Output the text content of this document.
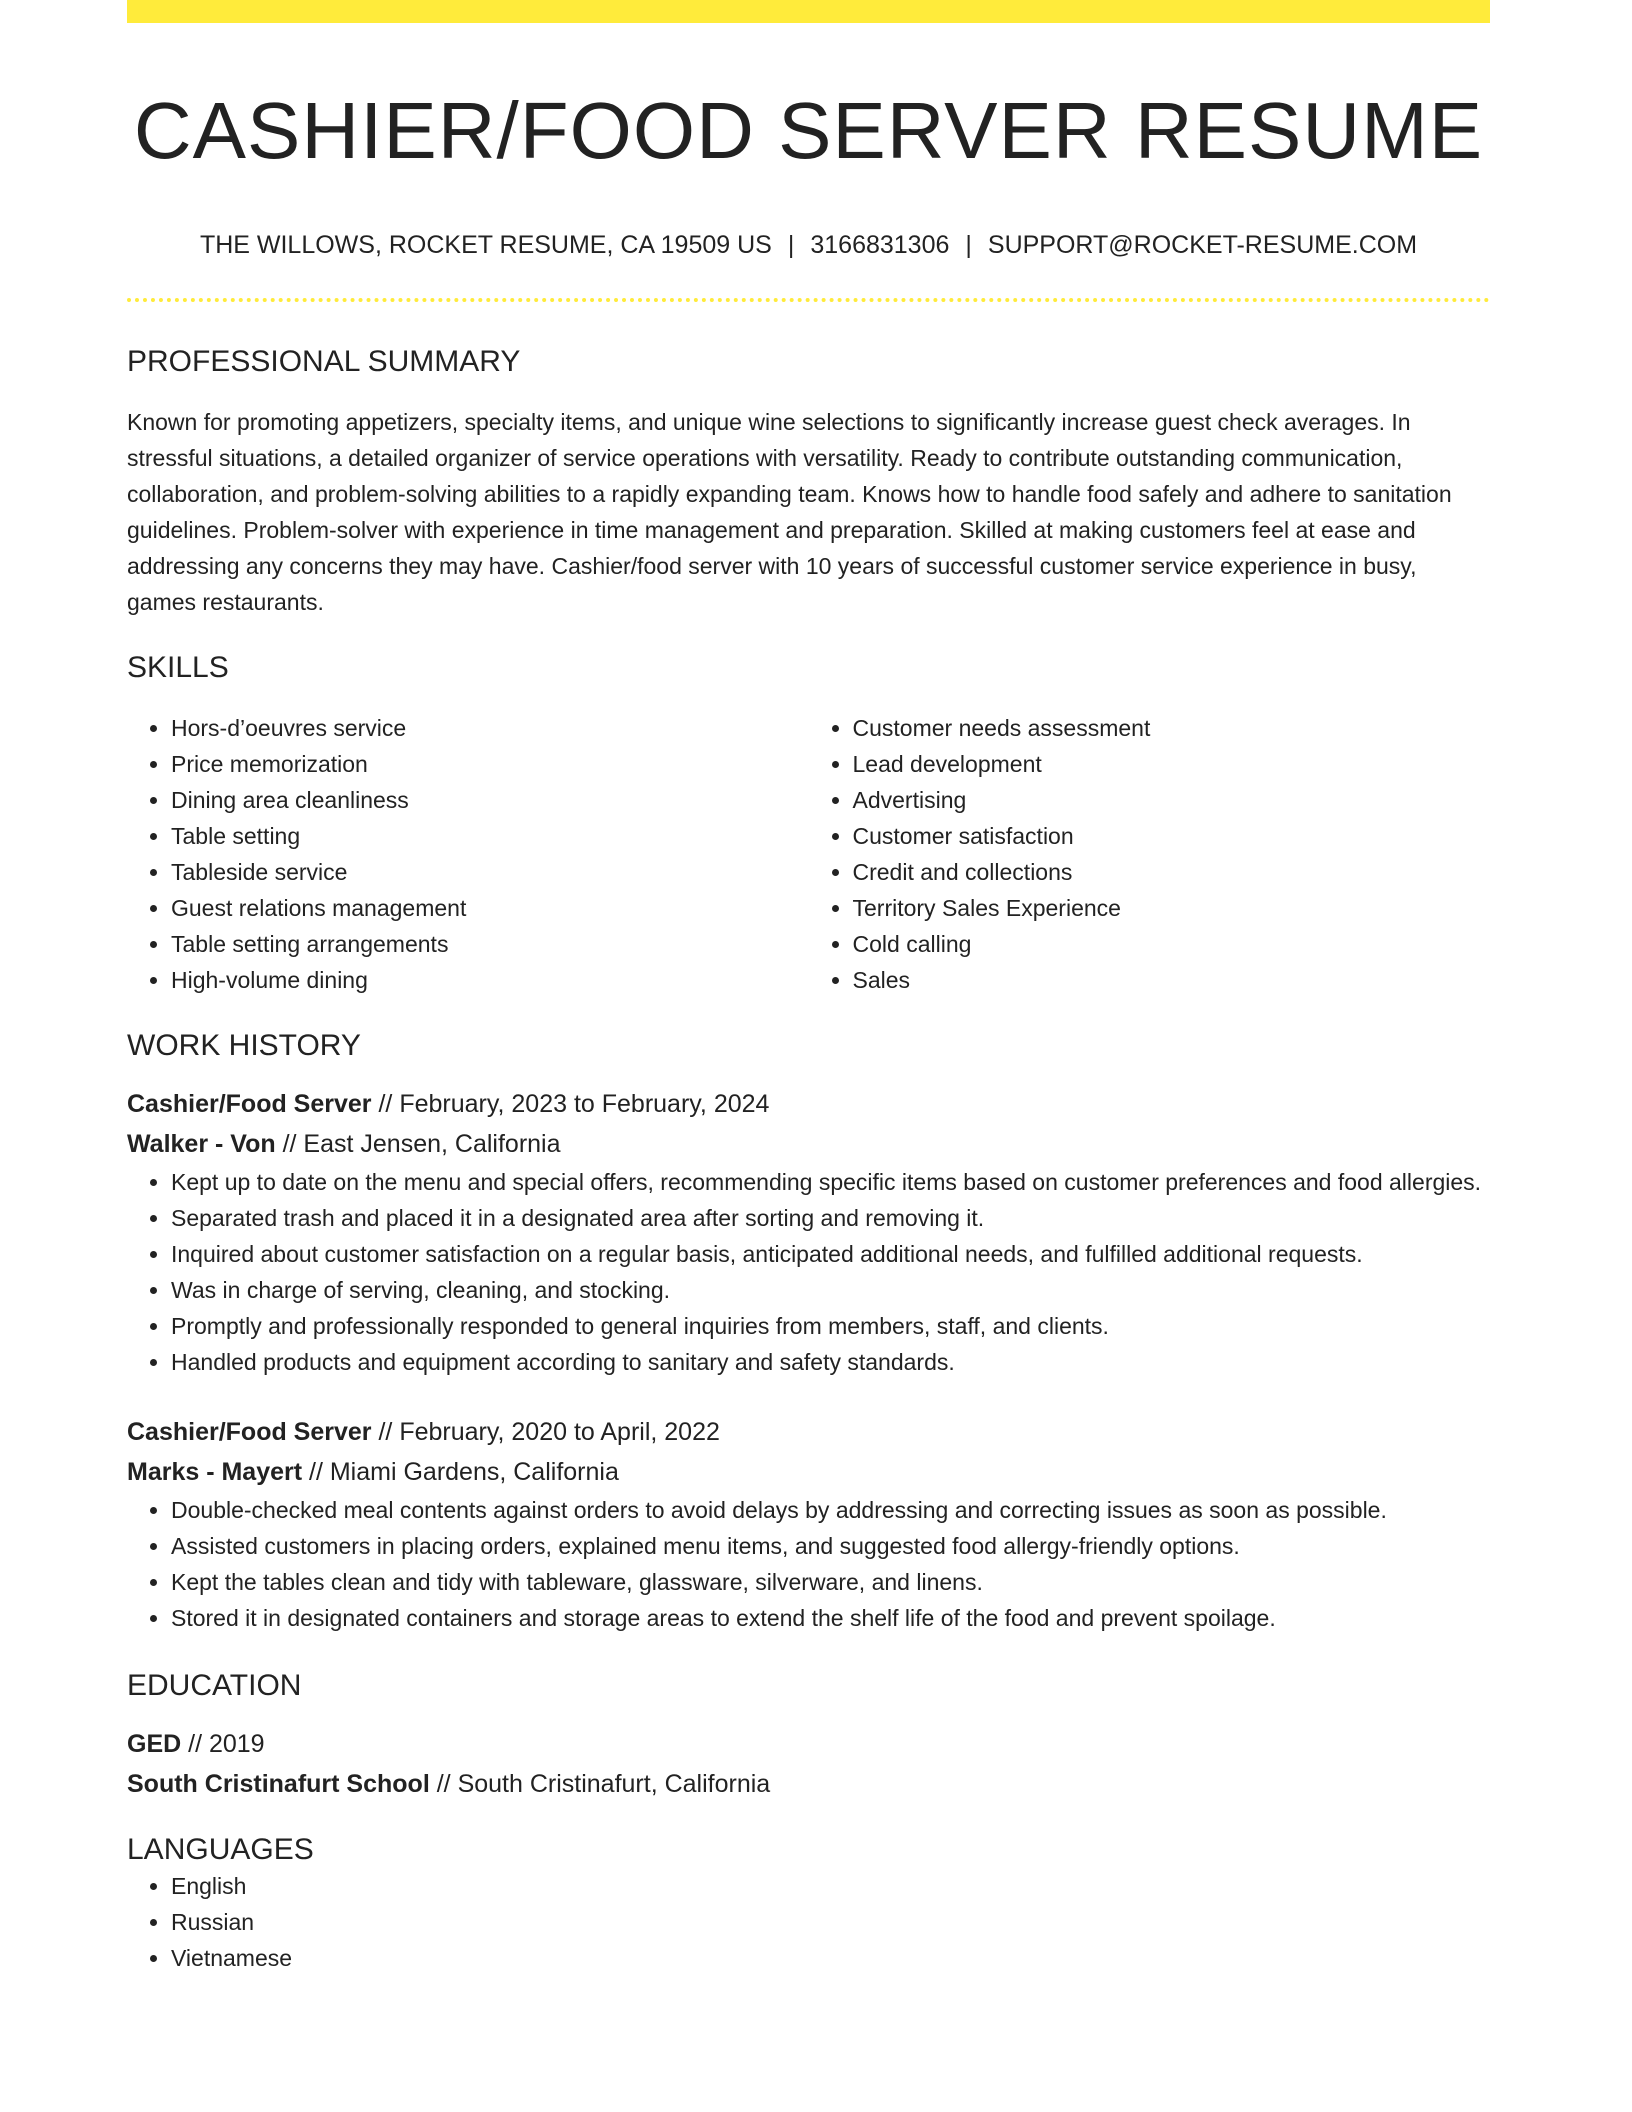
CASHIER/FOOD SERVER RESUME
THE WILLOWS, ROCKET RESUME, CA 19509 US | 3166831306 | SUPPORT@ROCKET-RESUME.COM
PROFESSIONAL SUMMARY
Known for promoting appetizers, specialty items, and unique wine selections to significantly increase guest check averages. In stressful situations, a detailed organizer of service operations with versatility. Ready to contribute outstanding communication, collaboration, and problem-solving abilities to a rapidly expanding team. Knows how to handle food safely and adhere to sanitation guidelines. Problem-solver with experience in time management and preparation. Skilled at making customers feel at ease and addressing any concerns they may have. Cashier/food server with 10 years of successful customer service experience in busy, games restaurants.
SKILLS
• Hors-d’oeuvres service
• Price memorization
• Dining area cleanliness
• Table setting
• Tableside service
• Guest relations management
• Table setting arrangements
• High-volume dining
• Customer needs assessment
• Lead development
• Advertising
• Customer satisfaction
• Credit and collections
• Territory Sales Experience
• Cold calling
• Sales
WORK HISTORY
Cashier/Food Server // February, 2023 to February, 2024
Walker - Von // East Jensen, California
• Kept up to date on the menu and special offers, recommending specific items based on customer preferences and food allergies.
• Separated trash and placed it in a designated area after sorting and removing it.
• Inquired about customer satisfaction on a regular basis, anticipated additional needs, and fulfilled additional requests.
• Was in charge of serving, cleaning, and stocking.
• Promptly and professionally responded to general inquiries from members, staff, and clients.
• Handled products and equipment according to sanitary and safety standards.
Cashier/Food Server // February, 2020 to April, 2022
Marks - Mayert // Miami Gardens, California
• Double-checked meal contents against orders to avoid delays by addressing and correcting issues as soon as possible.
• Assisted customers in placing orders, explained menu items, and suggested food allergy-friendly options.
• Kept the tables clean and tidy with tableware, glassware, silverware, and linens.
• Stored it in designated containers and storage areas to extend the shelf life of the food and prevent spoilage.
EDUCATION
GED // 2019
South Cristinafurt School // South Cristinafurt, California
LANGUAGES
• English
• Russian
• Vietnamese
